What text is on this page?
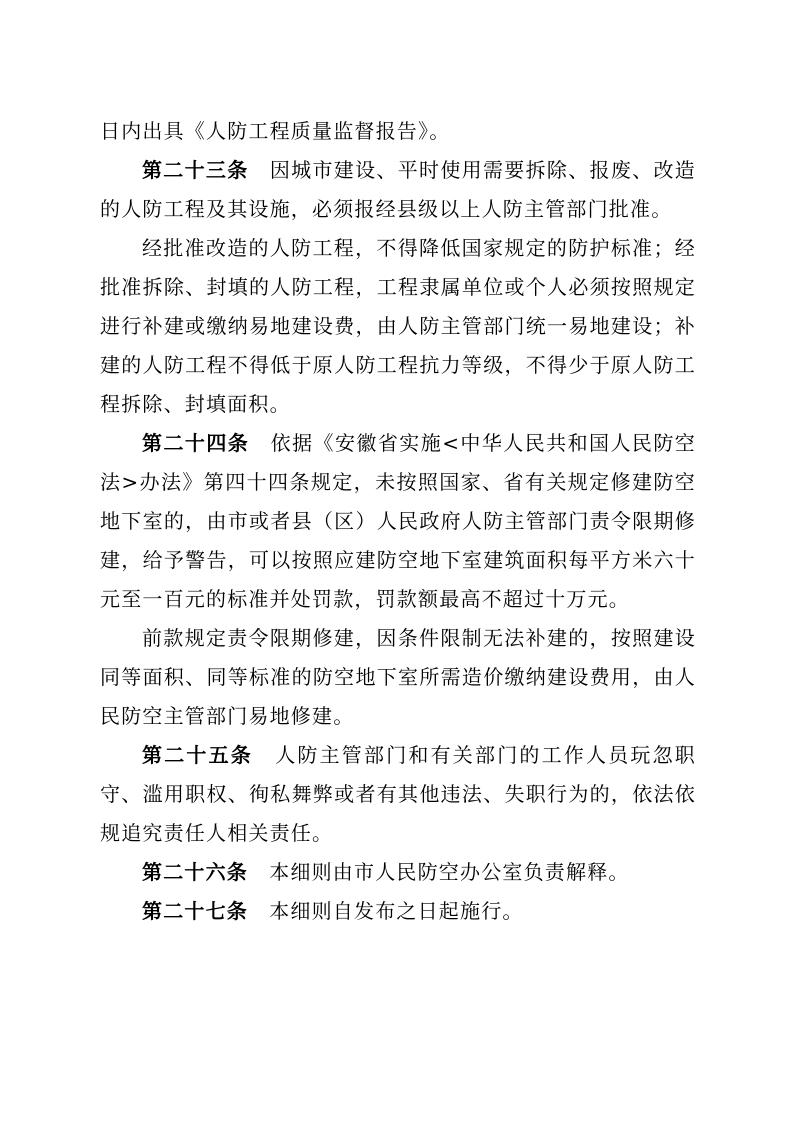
日内出具《人防工程质量监督报告》。

第二十三条　因城市建设、平时使用需要拆除、报废、改造的人防工程及其设施，必须报经县级以上人防主管部门批准。

经批准改造的人防工程，不得降低国家规定的防护标准；经批准拆除、封填的人防工程，工程隶属单位或个人必须按照规定进行补建或缴纳易地建设费，由人防主管部门统一易地建设；补建的人防工程不得低于原人防工程抗力等级，不得少于原人防工程拆除、封填面积。

第二十四条　依据《安徽省实施<中华人民共和国人民防空法>办法》第四十四条规定，未按照国家、省有关规定修建防空地下室的，由市或者县（区）人民政府人防主管部门责令限期修建，给予警告，可以按照应建防空地下室建筑面积每平方米六十元至一百元的标准并处罚款，罚款额最高不超过十万元。

前款规定责令限期修建，因条件限制无法补建的，按照建设同等面积、同等标准的防空地下室所需造价缴纳建设费用，由人民防空主管部门易地修建。

第二十五条　人防主管部门和有关部门的工作人员玩忽职守、滥用职权、徇私舞弊或者有其他违法、失职行为的，依法依规追究责任人相关责任。

第二十六条　本细则由市人民防空办公室负责解释。

第二十七条　本细则自发布之日起施行。
